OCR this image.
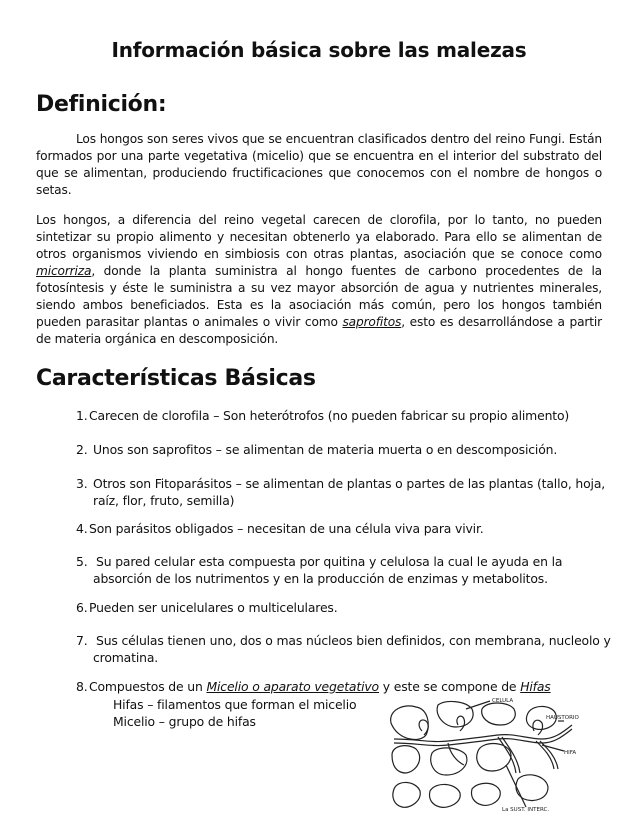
Información básica sobre las malezas
Definición:
Los hongos son seres vivos que se encuentran clasificados dentro del reino Fungi. Están formados por una parte vegetativa (micelio) que se encuentra en el interior del substrato del que se alimentan, produciendo fructificaciones que conocemos con el nombre de hongos o setas.
Los hongos, a diferencia del reino vegetal carecen de clorofila, por lo tanto, no pueden sintetizar su propio alimento y necesitan obtenerlo ya elaborado. Para ello se alimentan de otros organismos viviendo en simbiosis con otras plantas, asociación que se conoce como micorriza, donde la planta suministra al hongo fuentes de carbono procedentes de la fotosíntesis y éste le suministra a su vez mayor absorción de agua y nutrientes minerales, siendo ambos beneficiados. Esta es la asociación más común, pero los hongos también pueden parasitar plantas o animales o vivir como saprofitos, esto es desarrollándose a partir de materia orgánica en descomposición.
Características Básicas
1. Carecen de clorofila – Son heterótrofos (no pueden fabricar su propio alimento)
2. Unos son saprofitos – se alimentan de materia muerta o en descomposición.
3. Otros son Fitoparásitos – se alimentan de plantas o partes de las plantas (tallo, hoja,
raíz, flor, fruto, semilla)
4. Son parásitos obligados – necesitan de una célula viva para vivir.
5. Su pared celular esta compuesta por quitina y celulosa la cual le ayuda en la
absorción de los nutrimentos y en la producción de enzimas y metabolitos.
6. Pueden ser unicelulares o multicelulares.
7. Sus células tienen uno, dos o mas núcleos bien definidos, con membrana, nucleolo y
cromatina.
8. Compuestos de un Micelio o aparato vegetativo y este se compone de Hifas
Hifas – filamentos que forman el micelio
Micelio – grupo de hifas
CELULA
HAUSTORIO
HIFA
La SUST. INTERC.
